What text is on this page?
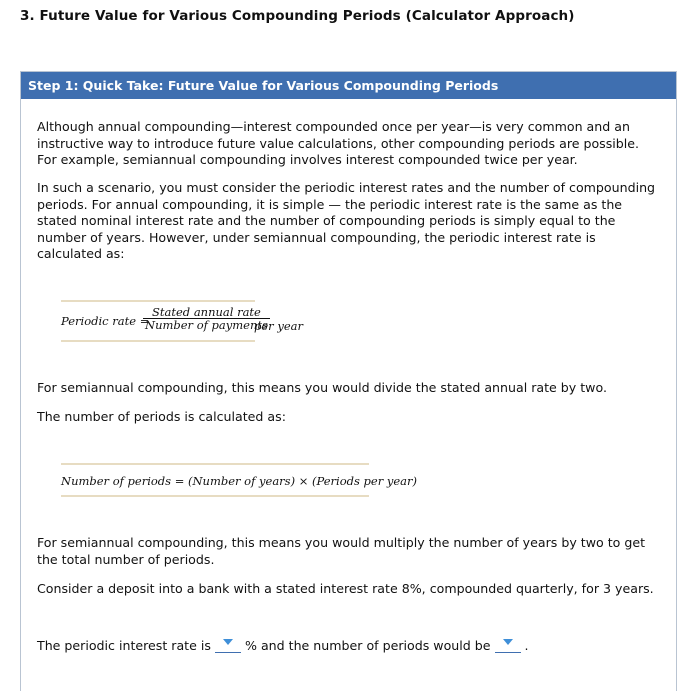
3. Future Value for Various Compounding Periods (Calculator Approach)
Step 1: Quick Take: Future Value for Various Compounding Periods
Although annual compounding—interest compounded once per year—is very common and an instructive way to introduce future value calculations, other compounding periods are possible. For example, semiannual compounding involves interest compounded twice per year.
In such a scenario, you must consider the periodic interest rates and the number of compounding periods. For annual compounding, it is simple — the periodic interest rate is the same as the stated nominal interest rate and the number of compounding periods is simply equal to the number of years. However, under semiannual compounding, the periodic interest rate is calculated as:
Periodic rate =
Stated annual rate
Number of payments
per year
For semiannual compounding, this means you would divide the stated annual rate by two.
The number of periods is calculated as:
Number of periods = (Number of years) × (Periods per year)
For semiannual compounding, this means you would multiply the number of years by two to get the total number of periods.
Consider a deposit into a bank with a stated interest rate 8%, compounded quarterly, for 3 years.
The periodic interest rate is	% and the number of periods would be	.
